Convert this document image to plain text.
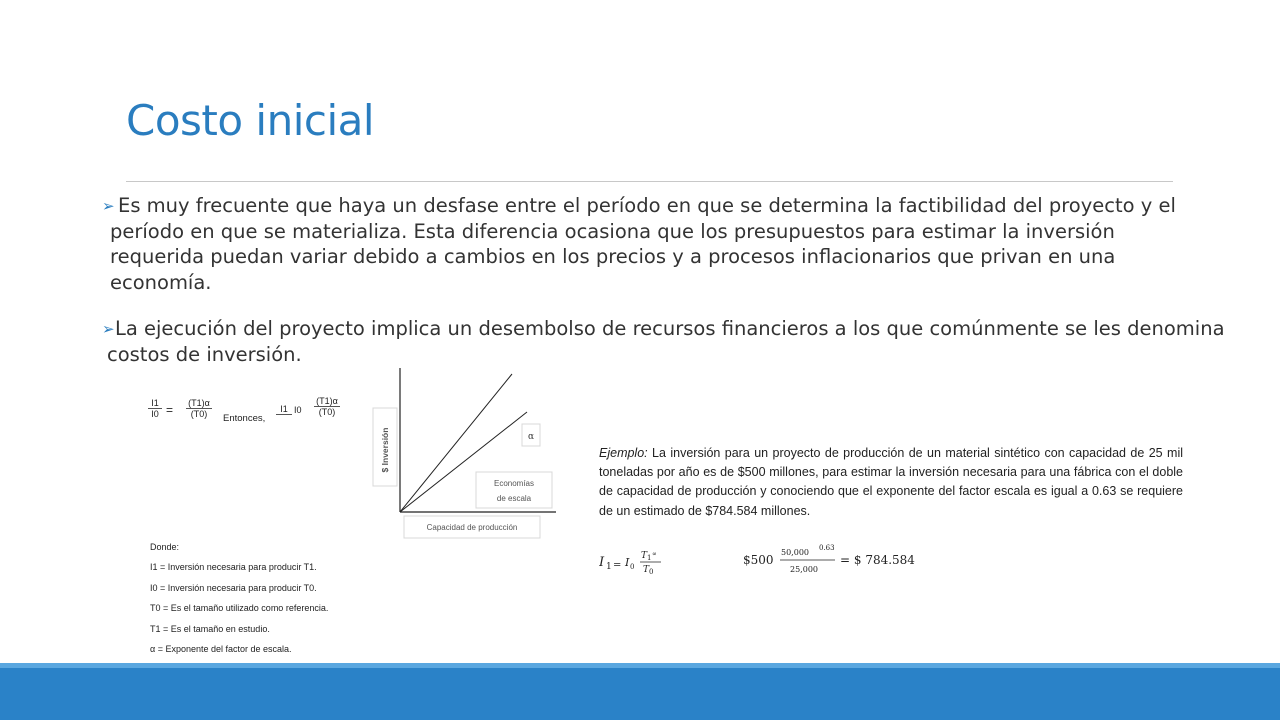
Costo inicial
➢ Es muy frecuente que haya un desfase entre el período en que se determina la factibilidad del proyecto y el período en que se materializa. Esta diferencia ocasiona que los presupuestos para estimar la inversión requerida puedan variar debido a cambios en los precios y a procesos inflacionarios que privan en una economía.
➢ La ejecución del proyecto implica un desembolso de recursos financieros a los que comúnmente se les denomina costos de inversión.
$\frac{I1}{I0} = \frac{(T1)\alpha}{(T0)}$ Entonces,
I1 $I0 \frac{(T1)\alpha}{(T0)}$
$ Inversión	α
Economías
de escala
Capacidad de producción
Donde:
I1 = Inversión necesaria para producir T1.
I0 = Inversión necesaria para producir T0.
T0 = Es el tamaño utilizado como referencia.
T1 = Es el tamaño en estudio.
α = Exponente del factor de escala.
Ejemplo: La inversión para un proyecto de producción de un material sintético con capacidad de 25 mil toneladas por año es de $500 millones, para estimar la inversión necesaria para una fábrica con el doble de capacidad de producción y conociendo que el exponente del factor escala es igual a 0.63 se requiere de un estimado de $784.584 millones.
I 1 = I 0
T 1 ∝
T 0
$500
50,000 0.63
25,000
= $ 784.584
